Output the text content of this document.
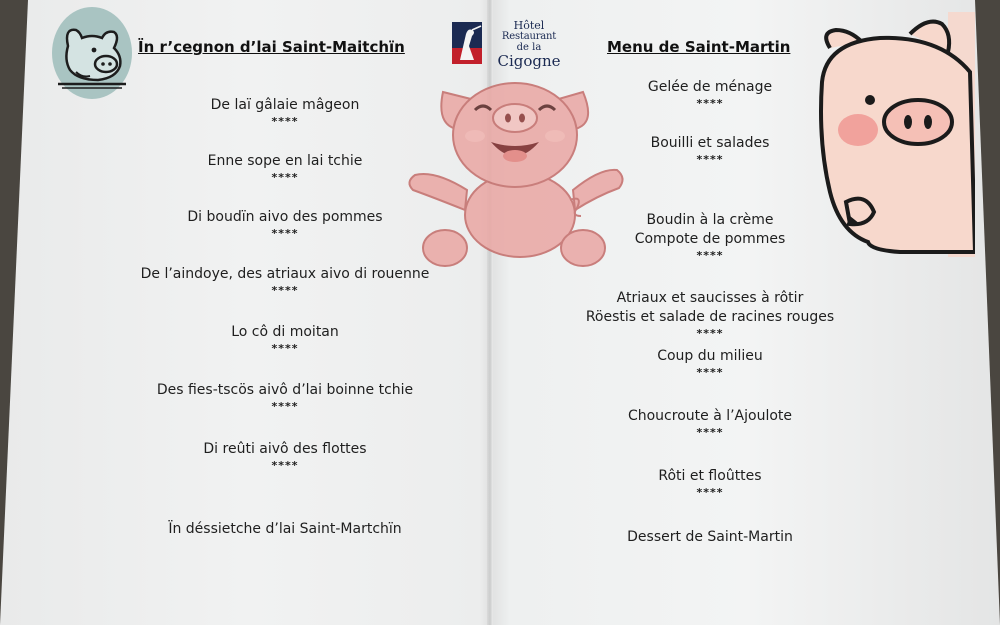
Hôtel
Restaurant
de la
Cigogne
Ïn r’cegnon d’lai Saint-Maitchïn
De laï gâlaie mâgeon
****
Enne sope en lai tchie
****
Di boudïn aivo des pommes
****
De l’aindoye, des atriaux aivo di rouenne
****
Lo cô di moitan
****
Des fies-tscös aivô d’lai boinne tchie
****
Di reûti aivô des flottes
****
Ïn déssietche d’lai Saint-Martchïn
Menu de Saint-Martin
Gelée de ménage
****
Bouilli et salades
****

Boudin à la crème
Compote de pommes

****

Atriaux et saucisses à rôtir
Röestis et salade de racines rouges

****

Coup du milieu
****
Choucroute à l’Ajoulote
****
Rôti et floûttes
****
Dessert de Saint-Martin
